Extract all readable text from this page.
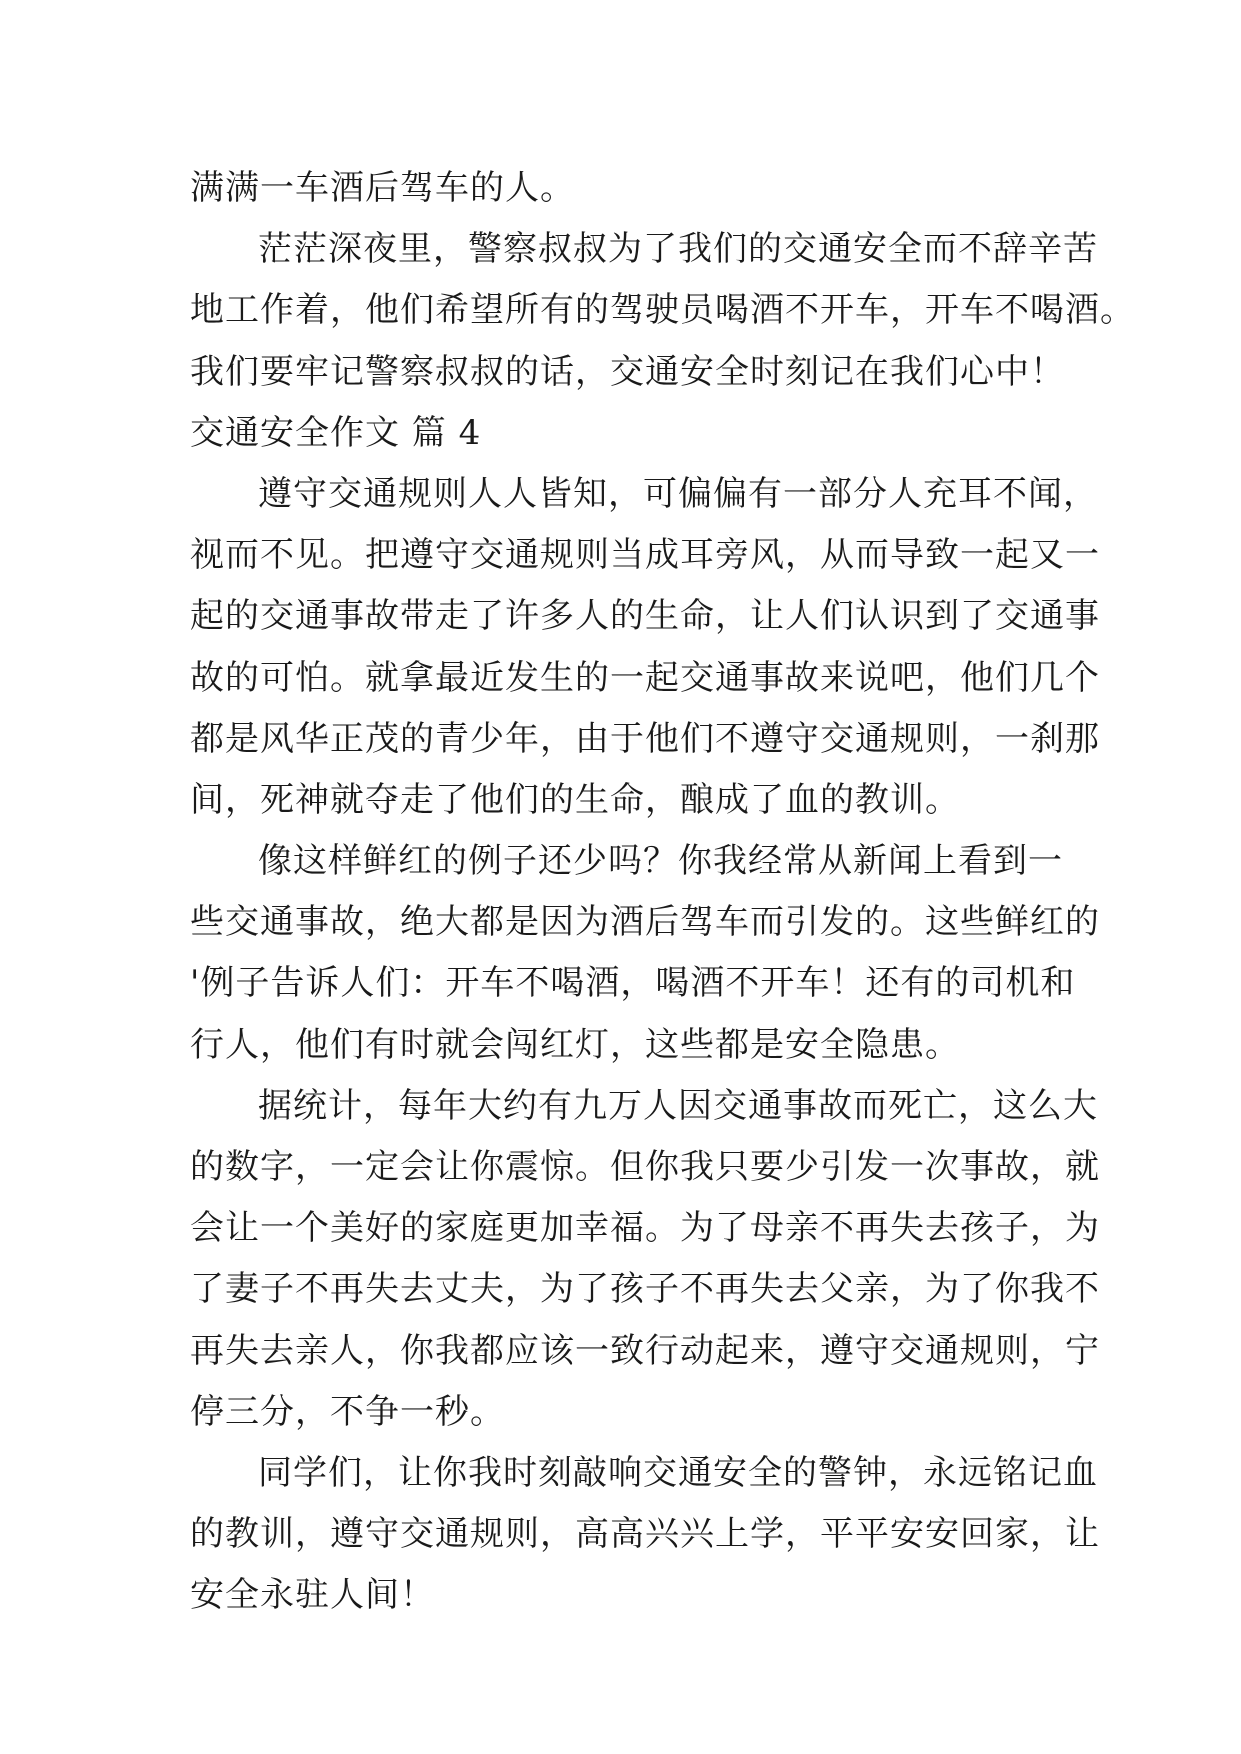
满满一车酒后驾车的人。
茫茫深夜里，警察叔叔为了我们的交通安全而不辞辛苦
地工作着，他们希望所有的驾驶员喝酒不开车，开车不喝酒。
我们要牢记警察叔叔的话，交通安全时刻记在我们心中！
交通安全作文 篇 4
遵守交通规则人人皆知，可偏偏有一部分人充耳不闻，
视而不见。把遵守交通规则当成耳旁风，从而导致一起又一
起的交通事故带走了许多人的生命，让人们认识到了交通事
故的可怕。就拿最近发生的一起交通事故来说吧，他们几个
都是风华正茂的青少年，由于他们不遵守交通规则，一刹那
间，死神就夺走了他们的生命，酿成了血的教训。
像这样鲜红的例子还少吗？你我经常从新闻上看到一
些交通事故，绝大都是因为酒后驾车而引发的。这些鲜红的
'例子告诉人们：开车不喝酒，喝酒不开车！还有的司机和
行人，他们有时就会闯红灯，这些都是安全隐患。
据统计，每年大约有九万人因交通事故而死亡，这么大
的数字，一定会让你震惊。但你我只要少引发一次事故，就
会让一个美好的家庭更加幸福。为了母亲不再失去孩子，为
了妻子不再失去丈夫，为了孩子不再失去父亲，为了你我不
再失去亲人，你我都应该一致行动起来，遵守交通规则，宁
停三分，不争一秒。
同学们，让你我时刻敲响交通安全的警钟，永远铭记血
的教训，遵守交通规则，高高兴兴上学，平平安安回家，让
安全永驻人间！
